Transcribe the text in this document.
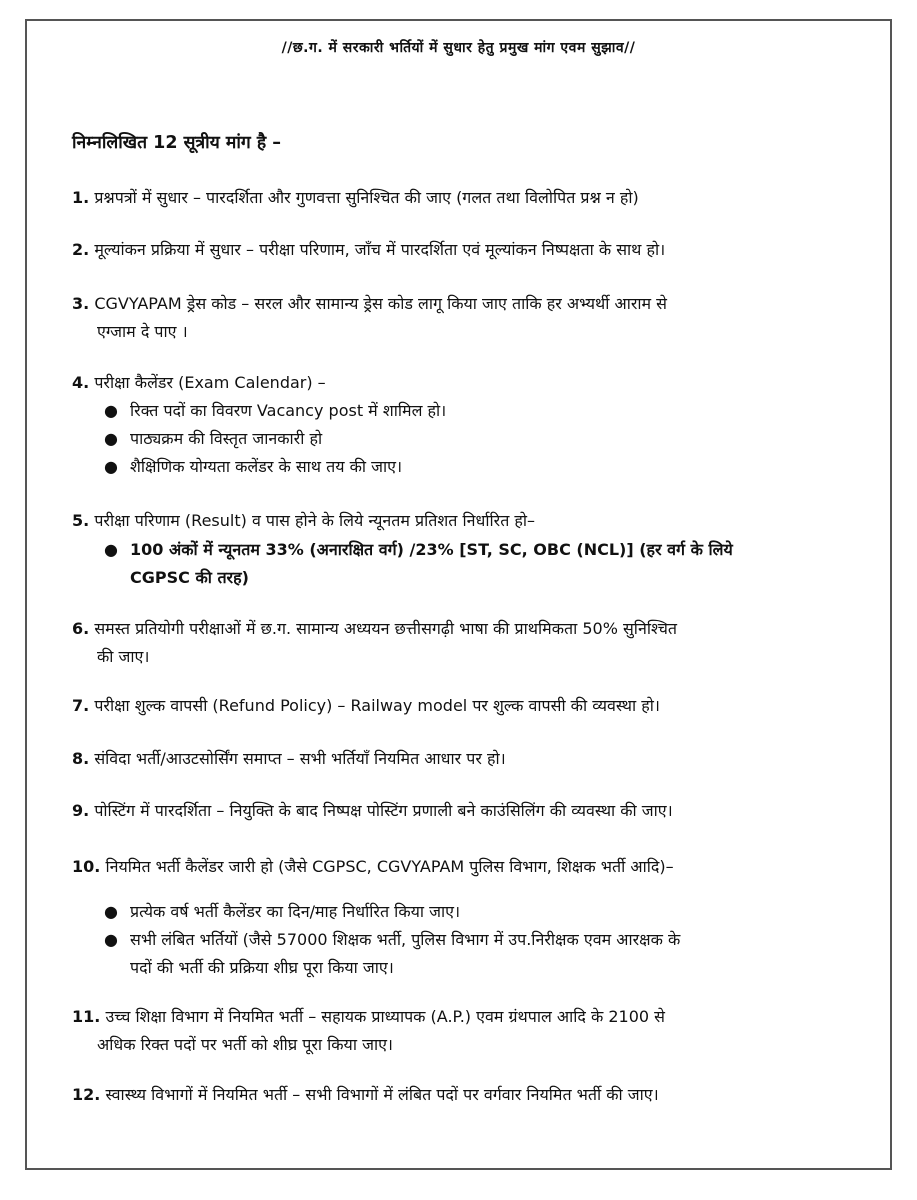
//छ.ग. में सरकारी भर्तियों में सुधार हेतु प्रमुख मांग एवम सुझाव//
निम्नलिखित 12 सूत्रीय मांग है –
1. प्रश्नपत्रों में सुधार – पारदर्शिता और गुणवत्ता सुनिश्चित की जाए (गलत तथा विलोपित प्रश्न न हो)
2. मूल्यांकन प्रक्रिया में सुधार – परीक्षा परिणाम, जाँच में पारदर्शिता एवं मूल्यांकन निष्पक्षता के साथ हो।
3. CGVYAPAM ड्रेस कोड – सरल और सामान्य ड्रेस कोड लागू किया जाए ताकि हर अभ्यर्थी आराम से
एग्जाम दे पाए ।
4. परीक्षा कैलेंडर (Exam Calendar) –
● रिक्त पदों का विवरण Vacancy post में शामिल हो।
● पाठ्यक्रम की विस्तृत जानकारी हो
● शैक्षिणिक योग्यता कलेंडर के साथ तय की जाए।
5. परीक्षा परिणाम (Result) व पास होने के लिये न्यूनतम प्रतिशत निर्धारित हो–
● 100 अंकों में न्यूनतम 33% (अनारक्षित वर्ग) /23% [ST, SC, OBC (NCL)] (हर वर्ग के लिये
CGPSC की तरह)
6. समस्त प्रतियोगी परीक्षाओं में छ.ग. सामान्य अध्ययन छत्तीसगढ़ी भाषा की प्राथमिकता 50% सुनिश्चित
की जाए।
7. परीक्षा शुल्क वापसी (Refund Policy) – Railway model पर शुल्क वापसी की व्यवस्था हो।
8. संविदा भर्ती/आउटसोर्सिंग समाप्त – सभी भर्तियाँ नियमित आधार पर हो।
9. पोस्टिंग में पारदर्शिता – नियुक्ति के बाद निष्पक्ष पोस्टिंग प्रणाली बने काउंसिलिंग की व्यवस्था की जाए।
10. नियमित भर्ती कैलेंडर जारी हो (जैसे CGPSC, CGVYAPAM पुलिस विभाग, शिक्षक भर्ती आदि)–
● प्रत्येक वर्ष भर्ती कैलेंडर का दिन/माह निर्धारित किया जाए।
● सभी लंबित भर्तियों (जैसे 57000 शिक्षक भर्ती, पुलिस विभाग में उप.निरीक्षक एवम आरक्षक के
पदों की भर्ती की प्रक्रिया शीघ्र पूरा किया जाए।
11. उच्च शिक्षा विभाग में नियमित भर्ती – सहायक प्राध्यापक (A.P.) एवम ग्रंथपाल आदि के 2100 से
अधिक रिक्त पदों पर भर्ती को शीघ्र पूरा किया जाए।
12. स्वास्थ्य विभागों में नियमित भर्ती – सभी विभागों में लंबित पदों पर वर्गवार नियमित भर्ती की जाए।
